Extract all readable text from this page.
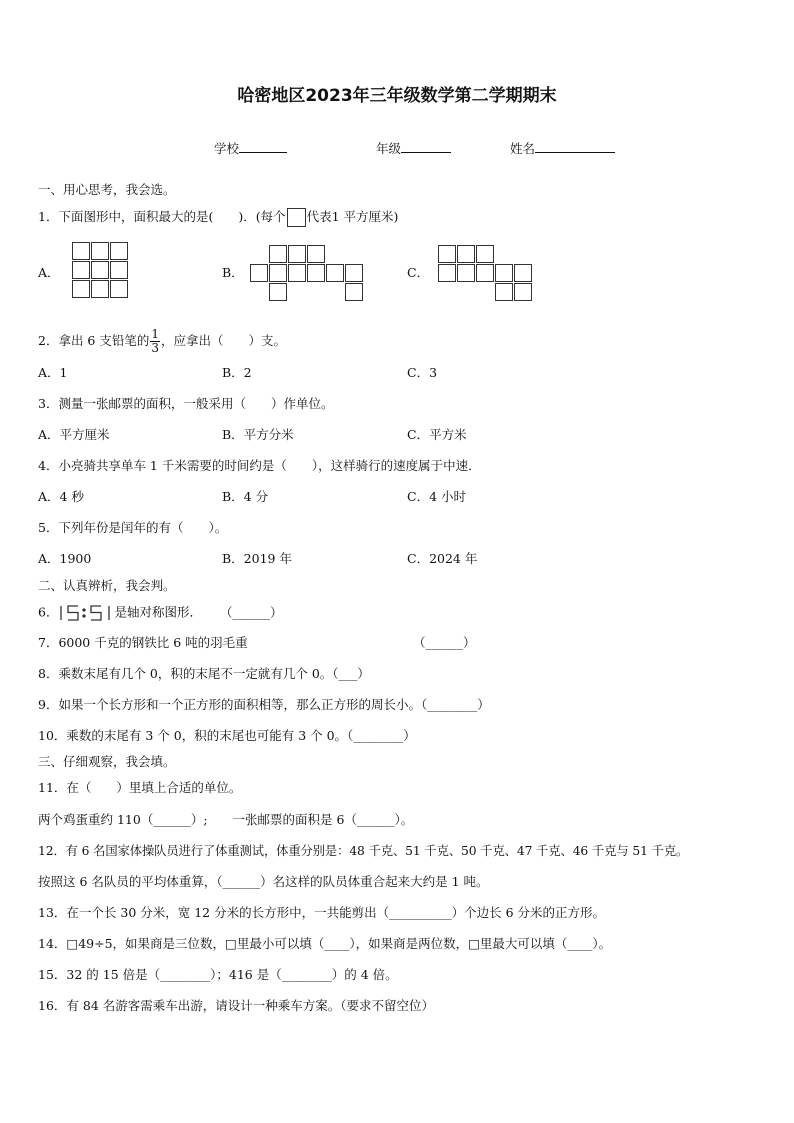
哈密地区2023年三年级数学第二学期期末
学校	年级	姓名
一、用心思考，我会选。
1．下面图形中，面积最大的是(　　)．(每个 代表1 平方厘米)
A．	B．	C．
2．拿出 6 支铅笔的 $\frac{1}{3}$ ，应拿出（　　）支。
A．1	B．2	C．3
3．测量一张邮票的面积，一般采用（　　）作单位。
A．平方厘米	B．平方分米	C．平方米
4．小亮骑共享单车 1 千米需要的时间约是（　　），这样骑行的速度属于中速．
A．4 秒	B．4 分	C．4 小时
5．下列年份是闰年的有（　　）。
A．1900	B．2019 年	C．2024 年
二、认真辨析，我会判。
6．	是轴对称图形． （______）
7．6000 千克的钢铁比 6 吨的羽毛重	（______）
8．乘数末尾有几个 0，积的末尾不一定就有几个 0。（___）
9．如果一个长方形和一个正方形的面积相等，那么正方形的周长小。（________）
10．乘数的末尾有 3 个 0，积的末尾也可能有 3 个 0。（________）
三、仔细观察，我会填。
11．在（　　）里填上合适的单位。
两个鸡蛋重约 110（______）;　　一张邮票的面积是 6（______）。
12．有 6 名国家体操队员进行了体重测试，体重分别是：48 千克、51 千克、50 千克、47 千克、46 千克与 51 千克。
按照这 6 名队员的平均体重算，（______）名这样的队员体重合起来大约是 1 吨。
13．在一个长 30 分米，宽 12 分米的长方形中，一共能剪出（__________）个边长 6 分米的正方形。
14．□49÷5，如果商是三位数，□里最小可以填（____），如果商是两位数，□里最大可以填（____）。
15．32 的 15 倍是（________）；416 是（________）的 4 倍。
16．有 84 名游客需乘车出游，请设计一种乘车方案。（要求不留空位）
